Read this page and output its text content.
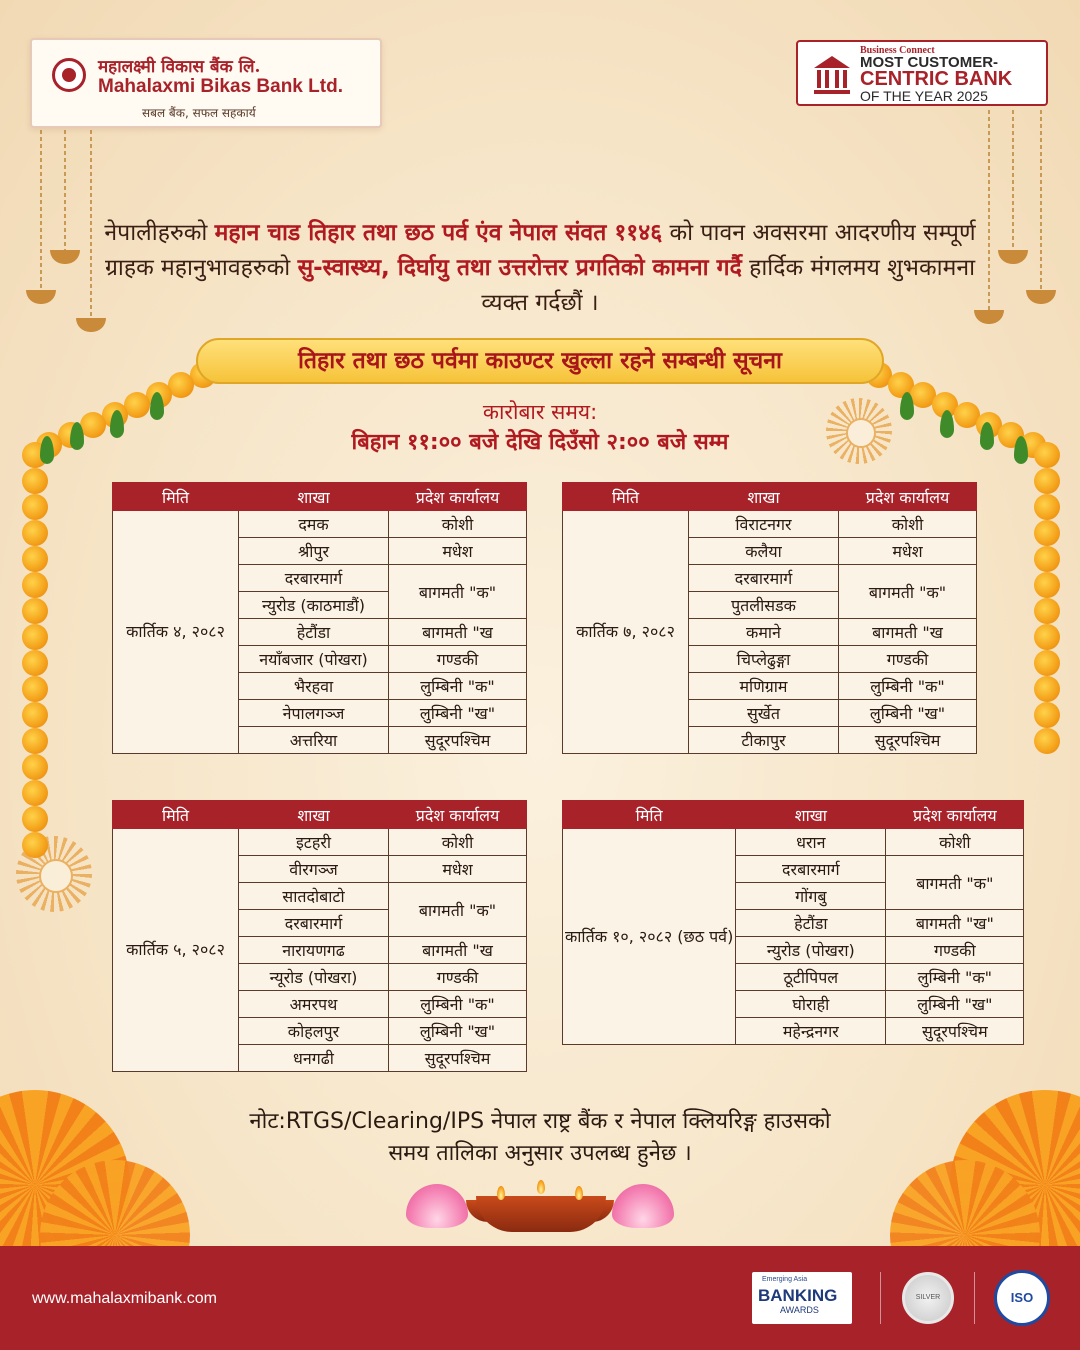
महालक्ष्मी विकास बैंक लि.
Mahalaxmi Bikas Bank Ltd.
सबल बैंक, सफल सहकार्य
Business Connect
MOST CUSTOMER-
CENTRIC BANK
OF THE YEAR 2025
नेपालीहरुको महान चाड तिहार तथा छठ पर्व एंव नेपाल संवत ११४६ को पावन अवसरमा आदरणीय सम्पूर्ण ग्राहक महानुभावहरुको सु-स्वास्थ्य, दिर्घायु तथा उत्तरोत्तर प्रगतिको कामना गर्दै हार्दिक मंगलमय शुभकामना व्यक्त गर्दछौं ।
तिहार तथा छठ पर्वमा काउण्टर खुल्ला रहने सम्बन्धी सूचना
कारोबार समय:
बिहान ११:०० बजे देखि दिउँसो २:०० बजे सम्म
मिति	शाखा	प्रदेश कार्यालय
कार्तिक ४, २०८२	दमक	कोशी
	श्रीपुर	मधेश
	दरबारमार्ग	बागमती "क"
	न्युरोड (काठमाडौं)	
	हेटौंडा	बागमती "ख
	नयाँबजार (पोखरा)	गण्डकी
	भैरहवा	लुम्बिनी "क"
	नेपालगञ्ज	लुम्बिनी "ख"
	अत्तरिया	सुदूरपश्चिम
मिति	शाखा	प्रदेश कार्यालय
कार्तिक ७, २०८२	विराटनगर	कोशी
	कलैया	मधेश
	दरबारमार्ग	बागमती "क"
	पुतलीसडक	
	कमाने	बागमती "ख
	चिप्लेढुङ्गा	गण्डकी
	मणिग्राम	लुम्बिनी "क"
	सुर्खेत	लुम्बिनी "ख"
	टीकापुर	सुदूरपश्चिम
मिति	शाखा	प्रदेश कार्यालय
कार्तिक ५, २०८२	इटहरी	कोशी
	वीरगञ्ज	मधेश
	सातदोबाटो	बागमती "क"
	दरबारमार्ग	
	नारायणगढ	बागमती "ख
	न्यूरोड (पोखरा)	गण्डकी
	अमरपथ	लुम्बिनी "क"
	कोहलपुर	लुम्बिनी "ख"
	धनगढी	सुदूरपश्चिम
मिति	शाखा	प्रदेश कार्यालय
कार्तिक १०, २०८२ (छठ पर्व)	धरान	कोशी
	दरबारमार्ग	बागमती "क"
	गोंगबु	
	हेटौंडा	बागमती "ख"
	न्युरोड (पोखरा)	गण्डकी
	ठूटीपिपल	लुम्बिनी "क"
	घोराही	लुम्बिनी "ख"
	महेन्द्रनगर	सुदूरपश्चिम
नोट:RTGS/Clearing/IPS नेपाल राष्ट्र बैंक र नेपाल क्लियरिङ्ग हाउसको
समय तालिका अनुसार उपलब्ध हुनेछ ।
www.mahalaxmibank.com
Emerging Asia
BANKING
AWARDS
SILVER	ISO
